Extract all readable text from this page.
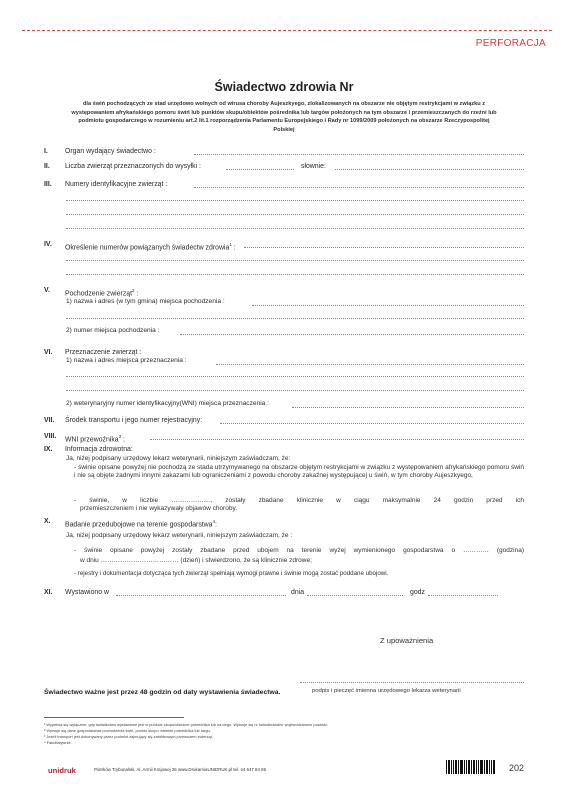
PERFORACJA
Świadectwo zdrowia Nr
dla świń pochodzących ze stad urzędowo wolnych od wirusa choroby Aujeszkyego, zlokalizowanych na obszarze nie objętym restrykcjami w związku z występowaniem afrykańskiego pomoru świń lub punktów skupu/obiektów pośrednika lub targów położonych na tym obszarze i przemieszczanych do rzeźni lub podmiotu gospodarczego w rozumieniu art.2 lit.1 rozporządzenia Parlamentu Europejskiego i Rady nr 1099/2009 położonych na obszarze Rzeczypospolitej Polskiej
I.	Organ wydający świadectwo :
II.	Liczba zwierząt przeznaczonych do wysyłki :	słownie:
III.	Numery identyfikacyjne zwierząt :
IV.	Określenie numerów powiązanych świadectw zdrowia$^1$ :
V.	Pochodzenie zwierząt$^2$ :
1) nazwa i adres (w tym gmina) miejsca pochodzenia :
2) numer miejsca pochodzenia :
VI.	Przeznaczenie zwierząt :
1) nazwa i adres miejsca przeznaczenia :
2) weterynaryjny numer identyfikacyjny(WNI) miejsca przeznaczenia :
VII.	Środek transportu i jego numer rejestracyjny:
VIII.	WNI przewoźnika$^3$ :
IX.	Informacja zdrowotna:
Ja, niżej podpisany urzędowy lekarz weterynarii, niniejszym zaświadczam, że:
- świnie opisane powyżej nie pochodzą ze stada utrzymywanego na obszarze objętym restrykcjami w związku z występowaniem afrykańskiego pomoru świń i nie są objęte żadnymi innymi zakazami lub ograniczeniami z powodu choroby zakaźnej występującej u świń, w tym choroby Aujeszkyego,
- świnie, w liczbie ………………, zostały zbadane klinicznie w ciągu maksymalnie 24 godzin przed ich
przemieszczeniem i nie wykazywały objawów choroby.
X.	Badanie przedubojowe na terenie gospodarstwa$^4$:
Ja, niżej podpisany urzędowy lekarz weterynarii, niniejszym zaświadczam, że :
- świnie opisane powyżej zostały zbadane przed ubojem na terenie wyżej wymienionego gospodarstwa o ………… (godzina)
w dniu ……………………………… (dzień) i stwierdzono, że są klinicznie zdrowe;
- rejestry i dokumentacja dotycząca tych zwierząt spełniają wymogi prawne i świnie mogą zostać poddane ubojowi.
XI.	Wystawiono w	dnia	godz
Z upoważnienia
podpis i pieczęć imienna urzędowego lekarza weterynarii
Świadectwo ważne jest przez 48 godzin od daty wystawienia świadectwa.
¹ Wypełnia się wyłącznie, gdy świadectwo wystawiane jest w punkcie skupu/obiekcie pośrednika lub na targu. Wpisuje się nr świadectwa/nr województwa/nr powiatu.
² Wpisuje się dane gospodarstwa pochodzenia świń, punktu skupu /obiektu pośrednika lub targu.
³ Jeżeli transport jest dokonywany przez podmiot zajmujący się zarobkowym przewozem zwierząt.
⁴ Fakultatywnie.
unidruk	Piotrków Trybunalski, Al. Armii Krajowej 26 www.DrukarniaUNIDRUK.pl tel. 44 647 84 86	202
